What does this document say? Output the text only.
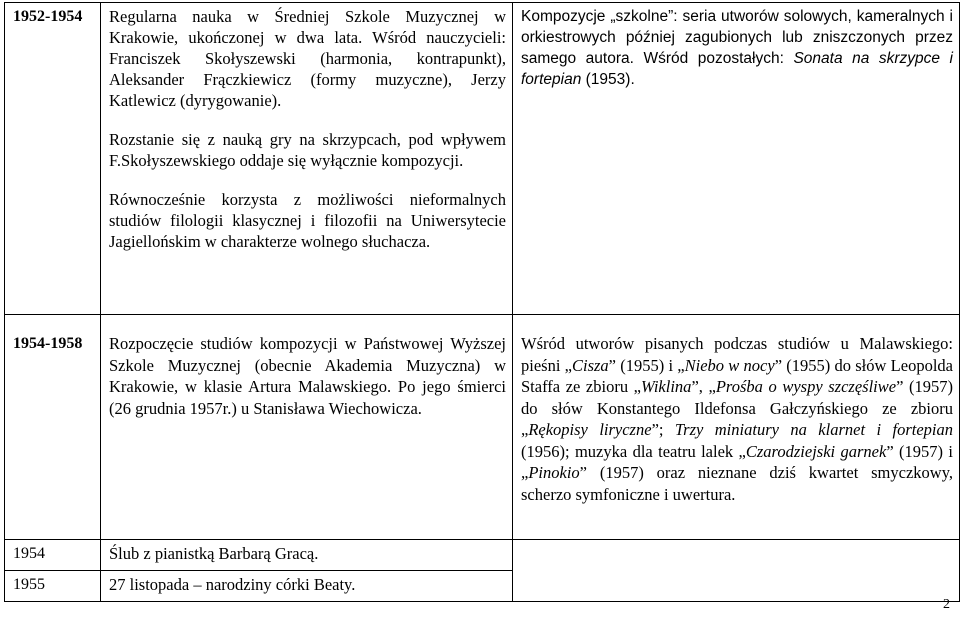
1952-1954	Regularna nauka w Średniej Szkole Muzycznej w Krakowie, ukończonej w dwa lata. Wśród nauczycieli: Franciszek Skołyszewski (harmonia, kontrapunkt), Aleksander Frączkiewicz (formy muzyczne), Jerzy Katlewicz (dyrygowanie).

Rozstanie się z nauką gry na skrzypcach, pod wpływem F.Skołyszewskiego oddaje się wyłącznie kompozycji.

Równocześnie korzysta z możliwości nieformalnych studiów filologii klasycznej i filozofii na Uniwersytecie Jagiellońskim w charakterze wolnego słuchacza.	Kompozycje „szkolne”: seria utworów solowych, kameralnych i orkiestrowych później zagubionych lub zniszczonych przez samego autora. Wśród pozostałych: Sonata na skrzypce i fortepian (1953).
1954-1958	Rozpoczęcie studiów kompozycji w Państwowej Wyższej Szkole Muzycznej (obecnie Akademia Muzyczna) w Krakowie, w klasie Artura Malawskiego. Po jego śmierci (26 grudnia 1957r.) u Stanisława Wiechowicza.	Wśród utworów pisanych podczas studiów u Malawskiego: pieśni „Cisza” (1955) i „Niebo w nocy” (1955) do słów Leopolda Staffa ze zbioru „Wiklina”, „Prośba o wyspy szczęśliwe” (1957) do słów Konstantego Ildefonsa Gałczyńskiego ze zbioru „Rękopisy liryczne”; Trzy miniatury na klarnet i fortepian (1956); muzyka dla teatru lalek „Czarodziejski garnek” (1957) i „Pinokio” (1957) oraz nieznane dziś kwartet smyczkowy, scherzo symfoniczne i uwertura.
1954	Ślub z pianistką Barbarą Gracą.	
1955	27 listopada – narodziny córki Beaty.	
2
